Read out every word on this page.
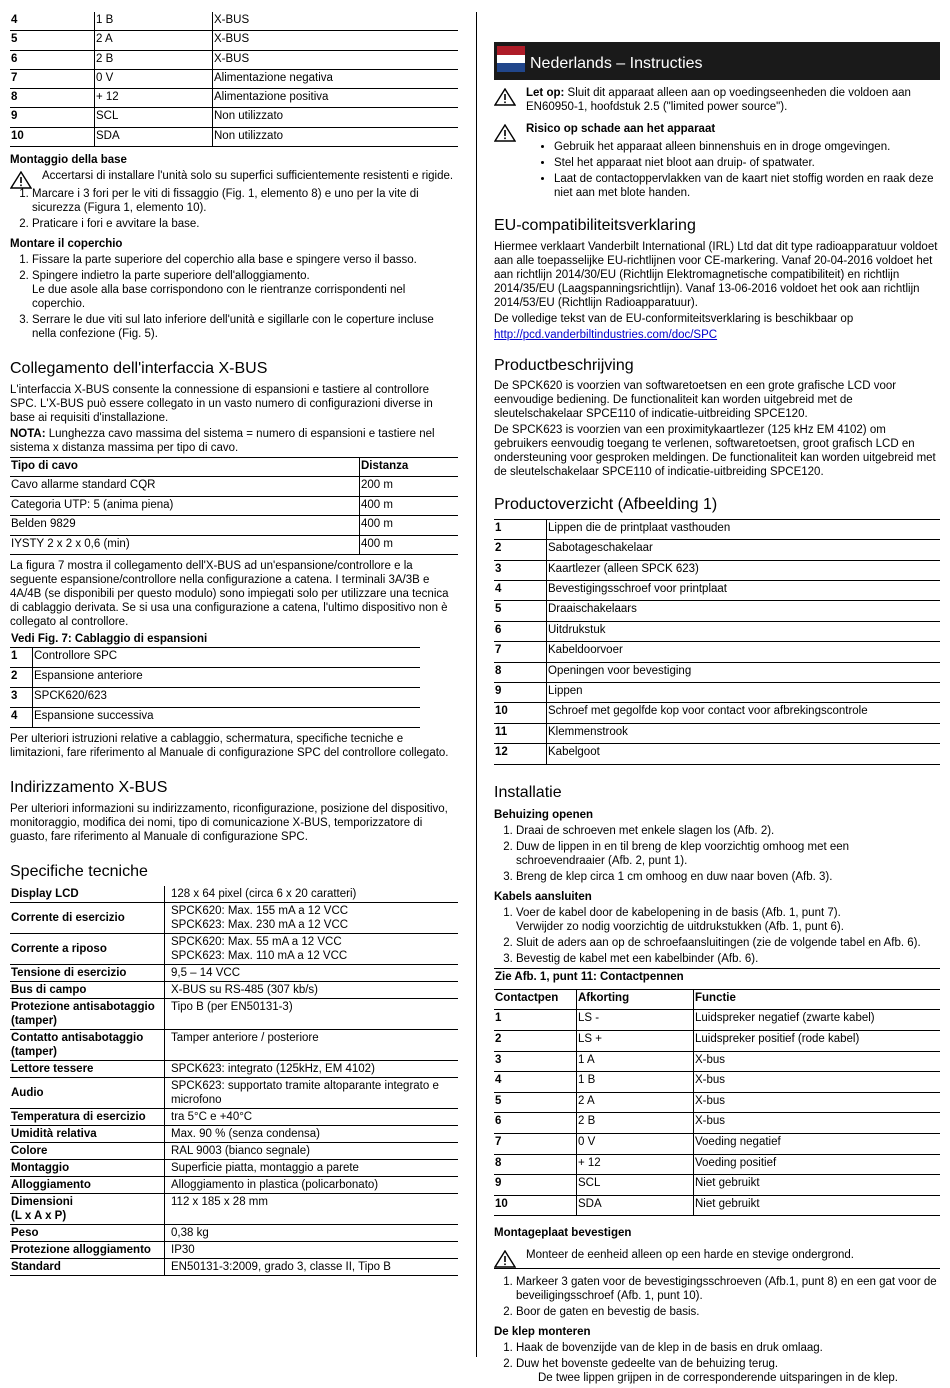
4	1 B	X-BUS
5	2 A	X-BUS
6	2 B	X-BUS
7	0 V	Alimentazione negativa
8	+ 12	Alimentazione positiva
9	SCL	Non utilizzato
10	SDA	Non utilizzato
Montaggio della base
Accertarsi di installare l'unità solo su superfici sufficientemente resistenti e rigide.
1. Marcare i 3 fori per le viti di fissaggio (Fig. 1, elemento 8) e uno per la vite di sicurezza (Figura 1, elemento 10).
2. Praticare i fori e avvitare la base.
Montare il coperchio
1. Fissare la parte superiore del coperchio alla base e spingere verso il basso.
2. Spingere indietro la parte superiore dell'alloggiamento.
Le due asole alla base corrispondono con le rientranze corrispondenti nel coperchio.
3. Serrare le due viti sul lato inferiore dell'unità e sigillarle con le coperture incluse nella confezione (Fig. 5).
Collegamento dell'interfaccia X-BUS

L'interfaccia X-BUS consente la connessione di espansioni e tastiere al controllore SPC. L'X-BUS può essere collegato in un vasto numero di configurazioni diverse in base ai requisiti d'installazione.

NOTA: Lunghezza cavo massima del sistema = numero di espansioni e tastiere nel sistema x distanza massima per tipo di cavo.

Tipo di cavo	Distanza
Cavo allarme standard CQR	200 m
Categoria UTP: 5 (anima piena)	400 m
Belden 9829	400 m
IYSTY 2 x 2 x 0,6 (min)	400 m

La figura 7 mostra il collegamento dell'X-BUS ad un'espansione/controllore e la seguente espansione/controllore nella configurazione a catena. I terminali 3A/3B e 4A/4B (se disponibili per questo modulo) sono impiegati solo per utilizzare una tecnica di cablaggio derivata. Se si usa una configurazione a catena, l'ultimo dispositivo non è collegato al controllore.

Vedi Fig. 7: Cablaggio di espansioni	
1	Controllore SPC
2	Espansione anteriore
3	SPCK620/623
4	Espansione successiva

Per ulteriori istruzioni relative a cablaggio, schermatura, specifiche tecniche e limitazioni, fare riferimento al Manuale di configurazione SPC del controllore collegato.

Indirizzamento X-BUS

Per ulteriori informazioni su indirizzamento, riconfigurazione, posizione del dispositivo, monitoraggio, modifica dei nomi, tipo di comunicazione X-BUS, temporizzatore di guasto, fare riferimento al Manuale di configurazione SPC.

Specifiche tecniche
Display LCD	128 x 64 pixel (circa 6 x 20 caratteri)
Corrente di esercizio	SPCK620: Max. 155 mA a 12 VCC
SPCK623: Max. 230 mA a 12 VCC
Corrente a riposo	SPCK620: Max. 55 mA a 12 VCC
SPCK623: Max. 110 mA a 12 VCC
Tensione di esercizio	9,5 – 14 VCC
Bus di campo	X-BUS su RS-485 (307 kb/s)
Protezione antisabotaggio (tamper)	Tipo B (per EN50131-3)
Contatto antisabotaggio (tamper)	Tamper anteriore / posteriore
Lettore tessere	SPCK623: integrato (125kHz, EM 4102)
Audio	SPCK623: supportato tramite altoparante integrato e microfono
Temperatura di esercizio	tra 5°C e +40°C
Umidità relativa	Max. 90 % (senza condensa)
Colore	RAL 9003 (bianco segnale)
Montaggio	Superficie piatta, montaggio a parete
Alloggiamento	Alloggiamento in plastica (policarbonato)
Dimensioni
(L x A x P)	112 x 185 x 28 mm
Peso	0,38 kg
Protezione alloggiamento	IP30
Standard	EN50131-3:2009, grado 3, classe II, Tipo B
Nederlands – Instructies
Let op: Sluit dit apparaat alleen aan op voedingseenheden die voldoen aan EN60950-1, hoofdstuk 2.5 ("limited power source").
Risico op schade aan het apparaat
• Gebruik het apparaat alleen binnenshuis en in droge omgevingen.
• Stel het apparaat niet bloot aan druip- of spatwater.
• Laat de contactoppervlakken van de kaart niet stoffig worden en raak deze niet aan met blote handen.
EU-compatibiliteitsverklaring

Hiermee verklaart Vanderbilt International (IRL) Ltd dat dit type radioapparatuur voldoet aan alle toepasselijke EU-richtlijnen voor CE-markering. Vanaf 20-04-2016 voldoet het aan richtlijn 2014/30/EU (Richtlijn Elektromagnetische compatibiliteit) en richtlijn 2014/35/EU (Laagspanningsrichtlijn). Vanaf 13-06-2016 voldoet het ook aan richtlijn 2014/53/EU (Richtlijn Radioapparatuur).

De volledige tekst van de EU-conformiteitsverklaring is beschikbaar op

http://pcd.vanderbiltindustries.com/doc/SPC

Productbeschrijving

De SPCK620 is voorzien van softwaretoetsen en een grote grafische LCD voor eenvoudige bediening. De functionaliteit kan worden uitgebreid met de sleutelschakelaar SPCE110 of indicatie-uitbreiding SPCE120.

De SPCK623 is voorzien van een proximitykaartlezer (125 kHz EM 4102) om gebruikers eenvoudig toegang te verlenen, softwaretoetsen, groot grafisch LCD en ondersteuning voor gesproken meldingen. De functionaliteit kan worden uitgebreid met de sleutelschakelaar SPCE110 of indicatie-uitbreiding SPCE120.

Productoverzicht (Afbeelding 1)
1	Lippen die de printplaat vasthouden
2	Sabotageschakelaar
3	Kaartlezer (alleen SPCK 623)
4	Bevestigingsschroef voor printplaat
5	Draaischakelaars
6	Uitdrukstuk
7	Kabeldoorvoer
8	Openingen voor bevestiging
9	Lippen
10	Schroef met gegolfde kop voor contact voor afbrekingscontrole
11	Klemmenstrook
12	Kabelgoot
Installatie
Behuizing openen
1. Draai de schroeven met enkele slagen los (Afb. 2).
2. Duw de lippen in en til breng de klep voorzichtig omhoog met een schroevendraaier (Afb. 2, punt 1).
3. Breng de klep circa 1 cm omhoog en duw naar boven (Afb. 3).
Kabels aansluiten
1. Voer de kabel door de kabelopening in de basis (Afb. 1, punt 7).
Verwijder zo nodig voorzichtig de uitdrukstukken (Afb. 1, punt 6).
2. Sluit de aders aan op de schroefaansluitingen (zie de volgende tabel en Afb. 6).
3. Bevestig de kabel met een kabelbinder (Afb. 6).
Zie Afb. 1, punt 11: Contactpennen		
Contactpen	Afkorting	Functie
1	LS -	Luidspreker negatief (zwarte kabel)
2	LS +	Luidspreker positief (rode kabel)
3	1 A	X-bus
4	1 B	X-bus
5	2 A	X-bus
6	2 B	X-bus
7	0 V	Voeding negatief
8	+ 12	Voeding positief
9	SCL	Niet gebruikt
10	SDA	Niet gebruikt
Montageplaat bevestigen
Monteer de eenheid alleen op een harde en stevige ondergrond.
1. Markeer 3 gaten voor de bevestigingsschroeven (Afb.1, punt 8) en een gat voor de beveiligingsschroef (Afb. 1, punt 10).
2. Boor de gaten en bevestig de basis.
De klep monteren
1. Haak de bovenzijde van de klep in de basis en druk omlaag.
2. Duw het bovenste gedeelte van de behuizing terug.
De twee lippen grijpen in de corresponderende uitsparingen in de klep.
